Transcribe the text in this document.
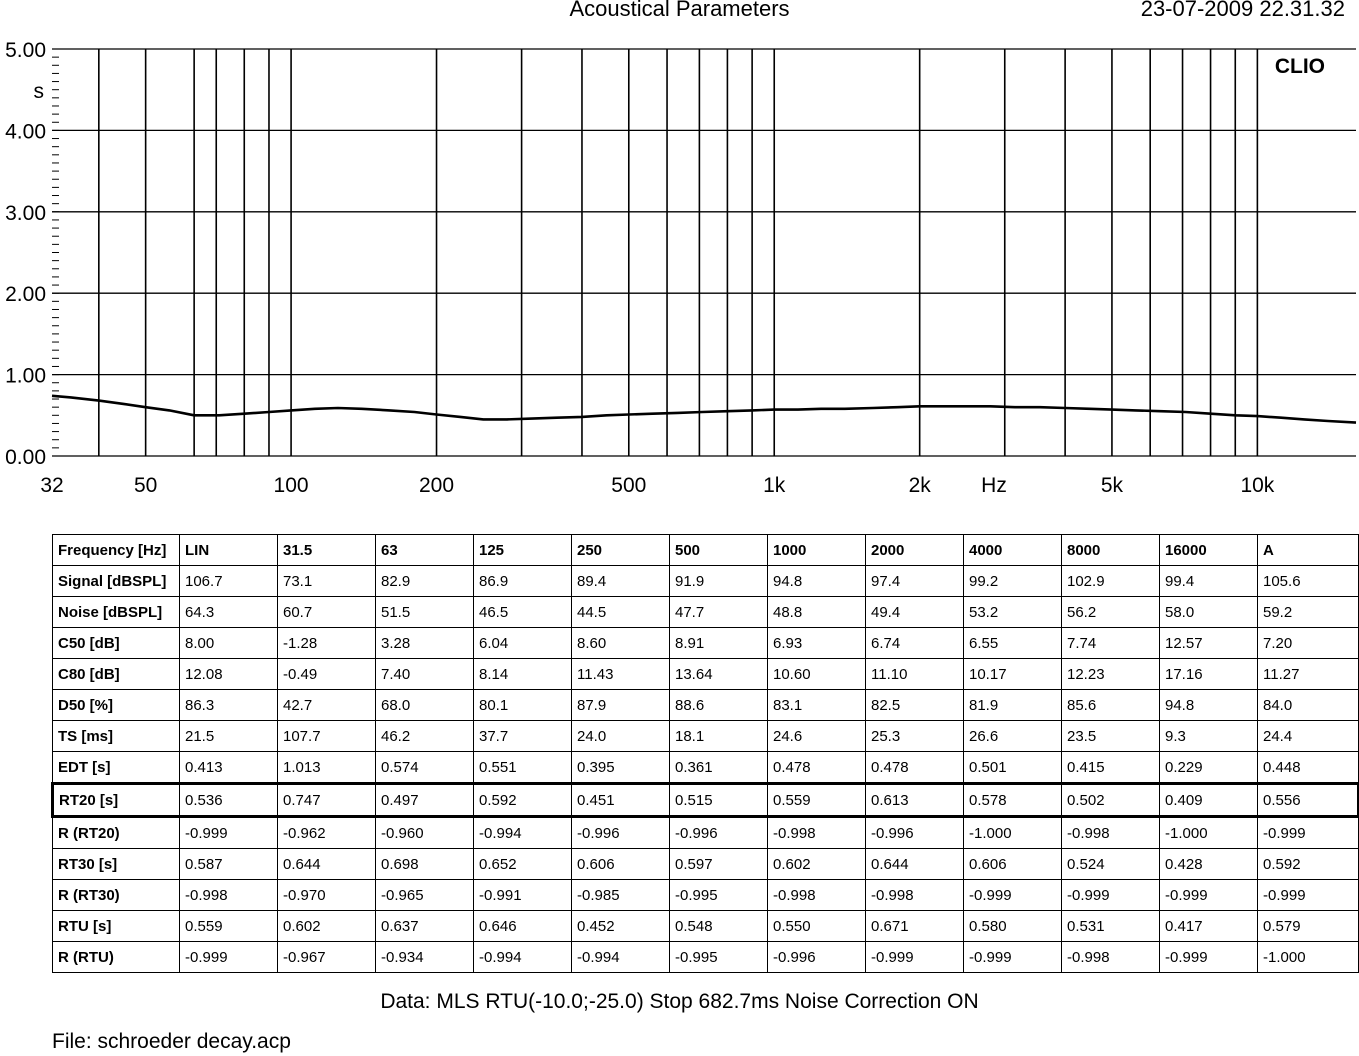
Acoustical Parameters	23-07-2009 22.31.32
0.00
1.00
2.00
3.00
4.00
5.00
s
32	50	100	200	500	1k	2k	5k	10k
Hz
CLIO
Frequency [Hz]	LIN	31.5	63	125	250	500	1000	2000	4000	8000	16000	A
Signal [dBSPL]	106.7	73.1	82.9	86.9	89.4	91.9	94.8	97.4	99.2	102.9	99.4	105.6
Noise [dBSPL]	64.3	60.7	51.5	46.5	44.5	47.7	48.8	49.4	53.2	56.2	58.0	59.2
C50 [dB]	8.00	-1.28	3.28	6.04	8.60	8.91	6.93	6.74	6.55	7.74	12.57	7.20
C80 [dB]	12.08	-0.49	7.40	8.14	11.43	13.64	10.60	11.10	10.17	12.23	17.16	11.27
D50 [%]	86.3	42.7	68.0	80.1	87.9	88.6	83.1	82.5	81.9	85.6	94.8	84.0
TS [ms]	21.5	107.7	46.2	37.7	24.0	18.1	24.6	25.3	26.6	23.5	9.3	24.4
EDT [s]	0.413	1.013	0.574	0.551	0.395	0.361	0.478	0.478	0.501	0.415	0.229	0.448
RT20 [s]	0.536	0.747	0.497	0.592	0.451	0.515	0.559	0.613	0.578	0.502	0.409	0.556
R (RT20)	-0.999	-0.962	-0.960	-0.994	-0.996	-0.996	-0.998	-0.996	-1.000	-0.998	-1.000	-0.999
RT30 [s]	0.587	0.644	0.698	0.652	0.606	0.597	0.602	0.644	0.606	0.524	0.428	0.592
R (RT30)	-0.998	-0.970	-0.965	-0.991	-0.985	-0.995	-0.998	-0.998	-0.999	-0.999	-0.999	-0.999
RTU [s]	0.559	0.602	0.637	0.646	0.452	0.548	0.550	0.671	0.580	0.531	0.417	0.579
R (RTU)	-0.999	-0.967	-0.934	-0.994	-0.994	-0.995	-0.996	-0.999	-0.999	-0.998	-0.999	-1.000
Data: MLS RTU(-10.0;-25.0) Stop 682.7ms Noise Correction ON
File: schroeder decay.acp
